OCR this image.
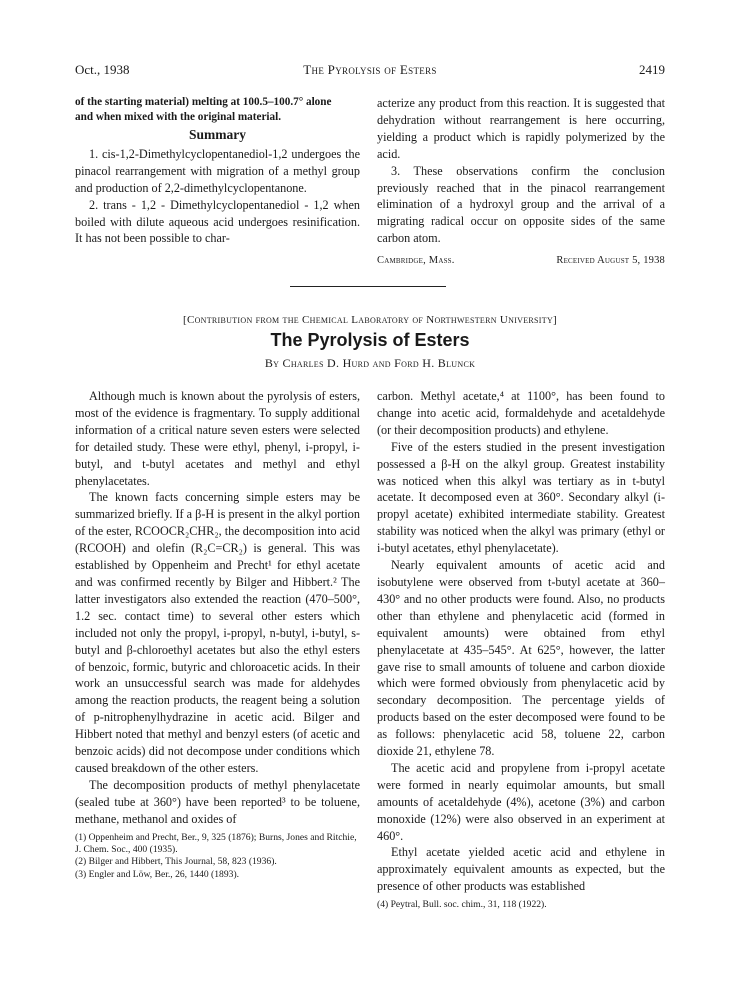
Oct., 1938	The Pyrolysis of Esters	2419

of the starting material) melting at 100.5–100.7° alone

and when mixed with the original material.

Summary

1. cis-1,2-Dimethylcyclopentanediol-1,2 undergoes the pinacol rearrangement with migration of a methyl group and production of 2,2-dimethylcyclopentanone.

2. trans - 1,2 - Dimethylcyclopentanediol - 1,2 when boiled with dilute aqueous acid undergoes resinification. It has not been possible to char-

acterize any product from this reaction. It is suggested that dehydration without rearrangement is here occurring, yielding a product which is rapidly polymerized by the acid.

3. These observations confirm the conclusion previously reached that in the pinacol rearrangement elimination of a hydroxyl group and the arrival of a migrating radical occur on opposite sides of the same carbon atom.

Cambridge, Mass.	Received August 5, 1938
[Contribution from the Chemical Laboratory of Northwestern University]
The Pyrolysis of Esters
By Charles D. Hurd and Ford H. Blunck

Although much is known about the pyrolysis of esters, most of the evidence is fragmentary. To supply additional information of a critical nature seven esters were selected for detailed study. These were ethyl, phenyl, i-propyl, i-butyl, and t-butyl acetates and methyl and ethyl phenylacetates.

The known facts concerning simple esters may be summarized briefly. If a β-H is present in the alkyl portion of the ester, RCOOCR₂CHR₂, the decomposition into acid (RCOOH) and olefin (R₂C=CR₂) is general. This was established by Oppenheim and Precht¹ for ethyl acetate and was confirmed recently by Bilger and Hibbert.² The latter investigators also extended the reaction (470–500°, 1.2 sec. contact time) to several other esters which included not only the propyl, i-propyl, n-butyl, i-butyl, s-butyl and β-chloroethyl acetates but also the ethyl esters of benzoic, formic, butyric and chloroacetic acids. In their work an unsuccessful search was made for aldehydes among the reaction products, the reagent being a solution of p-nitrophenylhydrazine in acetic acid. Bilger and Hibbert noted that methyl and benzyl esters (of acetic and benzoic acids) did not decompose under conditions which caused breakdown of the other esters.

The decomposition products of methyl phenylacetate (sealed tube at 360°) have been reported³ to be toluene, methane, methanol and oxides of

(1) Oppenheim and Precht, Ber., 9, 325 (1876); Burns, Jones and Ritchie, J. Chem. Soc., 400 (1935).
(2) Bilger and Hibbert, This Journal, 58, 823 (1936).
(3) Engler and Löw, Ber., 26, 1440 (1893).

carbon. Methyl acetate,⁴ at 1100°, has been found to change into acetic acid, formaldehyde and acetaldehyde (or their decomposition products) and ethylene.

Five of the esters studied in the present investigation possessed a β-H on the alkyl group. Greatest instability was noticed when this alkyl was tertiary as in t-butyl acetate. It decomposed even at 360°. Secondary alkyl (i-propyl acetate) exhibited intermediate stability. Greatest stability was noticed when the alkyl was primary (ethyl or i-butyl acetates, ethyl phenylacetate).

Nearly equivalent amounts of acetic acid and isobutylene were observed from t-butyl acetate at 360–430° and no other products were found. Also, no products other than ethylene and phenylacetic acid (formed in equivalent amounts) were obtained from ethyl phenylacetate at 435–545°. At 625°, however, the latter gave rise to small amounts of toluene and carbon dioxide which were formed obviously from phenylacetic acid by secondary decomposition. The percentage yields of products based on the ester decomposed were found to be as follows: phenylacetic acid 58, toluene 22, carbon dioxide 21, ethylene 78.

The acetic acid and propylene from i-propyl acetate were formed in nearly equimolar amounts, but small amounts of acetaldehyde (4%), acetone (3%) and carbon monoxide (12%) were also observed in an experiment at 460°.

Ethyl acetate yielded acetic acid and ethylene in approximately equivalent amounts as expected, but the presence of other products was established

(4) Peytral, Bull. soc. chim., 31, 118 (1922).
